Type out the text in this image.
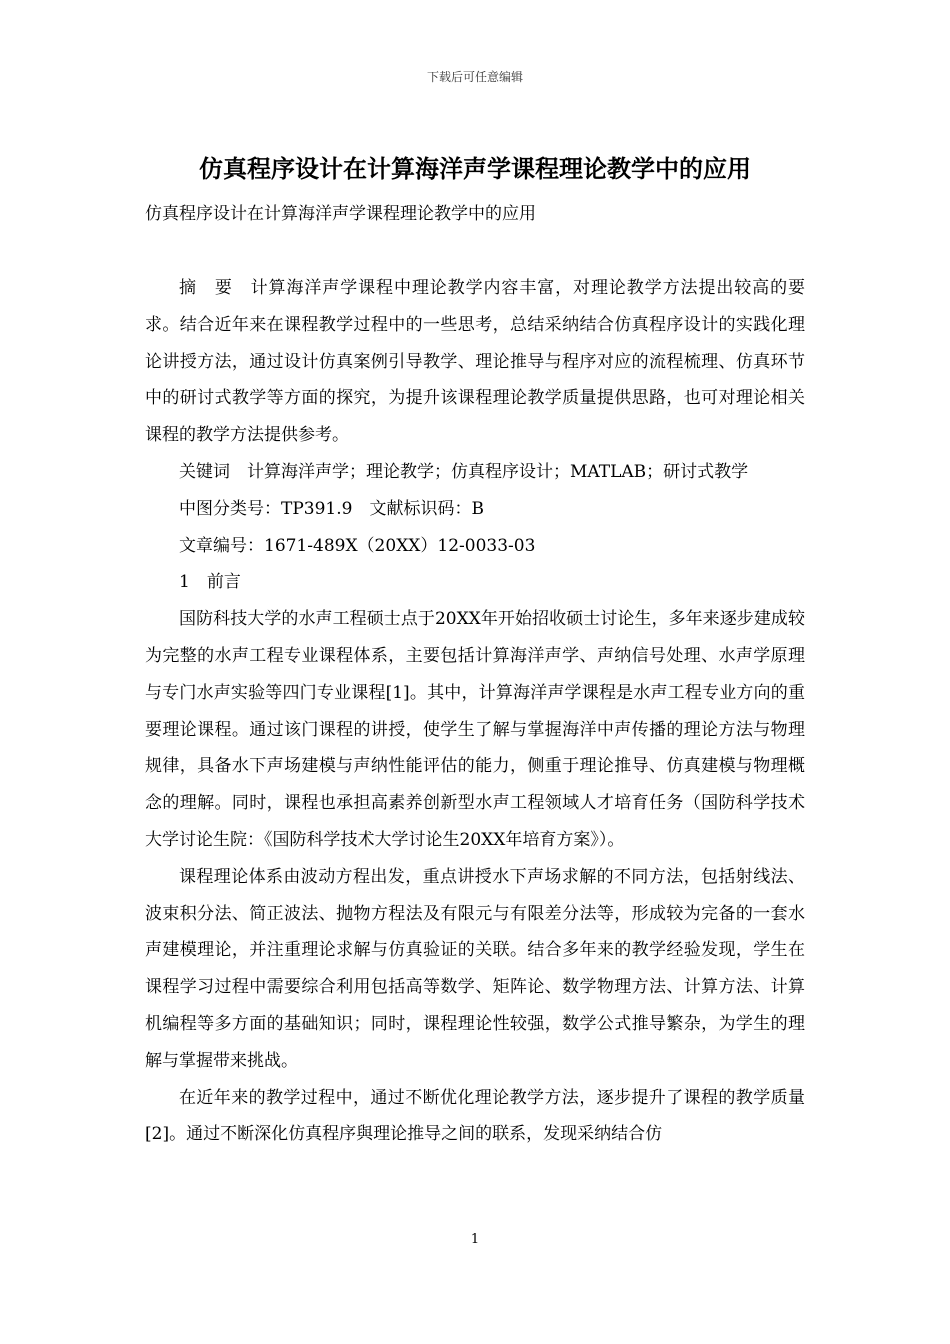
下载后可任意编辑
仿真程序设计在计算海洋声学课程理论教学中的应用
仿真程序设计在计算海洋声学课程理论教学中的应用

摘　要　计算海洋声学课程中理论教学内容丰富，对理论教学方法提出较高的要求。结合近年来在课程教学过程中的一些思考，总结采纳结合仿真程序设计的实践化理论讲授方法，通过设计仿真案例引导教学、理论推导与程序对应的流程梳理、仿真环节中的研讨式教学等方面的探究，为提升该课程理论教学质量提供思路，也可对理论相关课程的教学方法提供参考。

关键词　计算海洋声学；理论教学；仿真程序设计；MATLAB；研讨式教学

中图分类号：TP391.9　文献标识码：B

文章编号：1671-489X（20XX）12-0033-03

1　前言

国防科技大学的水声工程硕士点于20XX年开始招收硕士讨论生，多年来逐步建成较为完整的水声工程专业课程体系，主要包括计算海洋声学、声纳信号处理、水声学原理与专门水声实验等四门专业课程[1]。其中，计算海洋声学课程是水声工程专业方向的重要理论课程。通过该门课程的讲授，使学生了解与掌握海洋中声传播的理论方法与物理规律，具备水下声场建模与声纳性能评估的能力，侧重于理论推导、仿真建模与物理概念的理解。同时，课程也承担高素养创新型水声工程领域人才培育任务（国防科学技术大学讨论生院：《国防科学技术大学讨论生20XX年培育方案》）。

课程理论体系由波动方程出发，重点讲授水下声场求解的不同方法，包括射线法、波束积分法、简正波法、抛物方程法及有限元与有限差分法等，形成较为完备的一套水声建模理论，并注重理论求解与仿真验证的关联。结合多年来的教学经验发现，学生在课程学习过程中需要综合利用包括高等数学、矩阵论、数学物理方法、计算方法、计算机编程等多方面的基础知识；同时，课程理论性较强，数学公式推导繁杂，为学生的理解与掌握带来挑战。

在近年来的教学过程中，通过不断优化理论教学方法，逐步提升了课程的教学质量[2]。通过不断深化仿真程序與理论推导之间的联系，发现采纳结合仿

1
